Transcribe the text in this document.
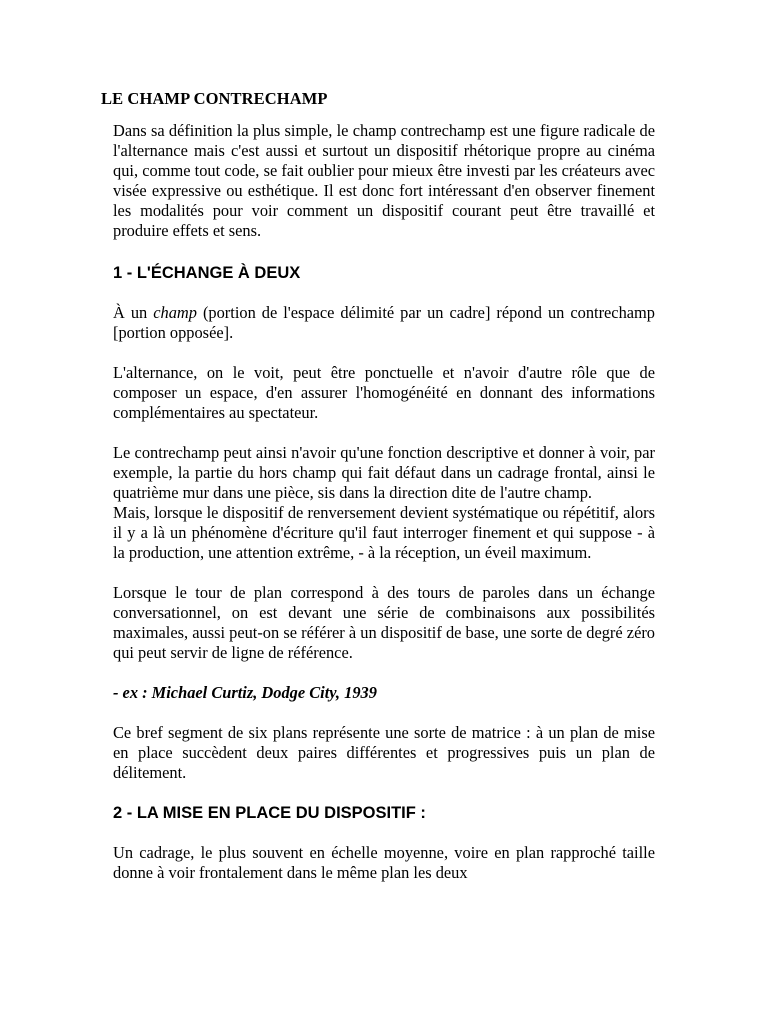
LE CHAMP CONTRECHAMP

Dans sa définition la plus simple, le champ contrechamp est une figure radicale de l'alternance mais c'est aussi et surtout un dispositif rhétorique propre au cinéma qui, comme tout code, se fait oublier pour mieux être investi par les créateurs avec visée expressive ou esthétique. Il est donc fort intéressant d'en observer finement les modalités pour voir comment un dispositif courant peut être travaillé et produire effets et sens.

1 - L'ÉCHANGE À DEUX

À un champ (portion de l'espace délimité par un cadre] répond un contrechamp [portion opposée].

L'alternance, on le voit, peut être ponctuelle et n'avoir d'autre rôle que de composer un espace, d'en assurer l'homogénéité en donnant des informations complémentaires au spectateur.

Le contrechamp peut ainsi n'avoir qu'une fonction descriptive et donner à voir, par exemple, la partie du hors champ qui fait défaut dans un cadrage frontal, ainsi le quatrième mur dans une pièce, sis dans la direction dite de l'autre champ.

Mais, lorsque le dispositif de renversement devient systématique ou répétitif, alors il y a là un phénomène d'écriture qu'il faut interroger finement et qui suppose - à la production, une attention extrême, - à la réception, un éveil maximum.

Lorsque le tour de plan correspond à des tours de paroles dans un échange conversationnel, on est devant une série de combinaisons aux possibilités maximales, aussi peut-on se référer à un dispositif de base, une sorte de degré zéro qui peut servir de ligne de référence.

- ex : Michael Curtiz, Dodge City, 1939

Ce bref segment de six plans représente une sorte de matrice : à un plan de mise en place succèdent deux paires différentes et progressives puis un plan de délitement.

2 - LA MISE EN PLACE DU DISPOSITIF :

Un cadrage, le plus souvent en échelle moyenne, voire en plan rapproché taille donne à voir frontalement dans le même plan les deux
